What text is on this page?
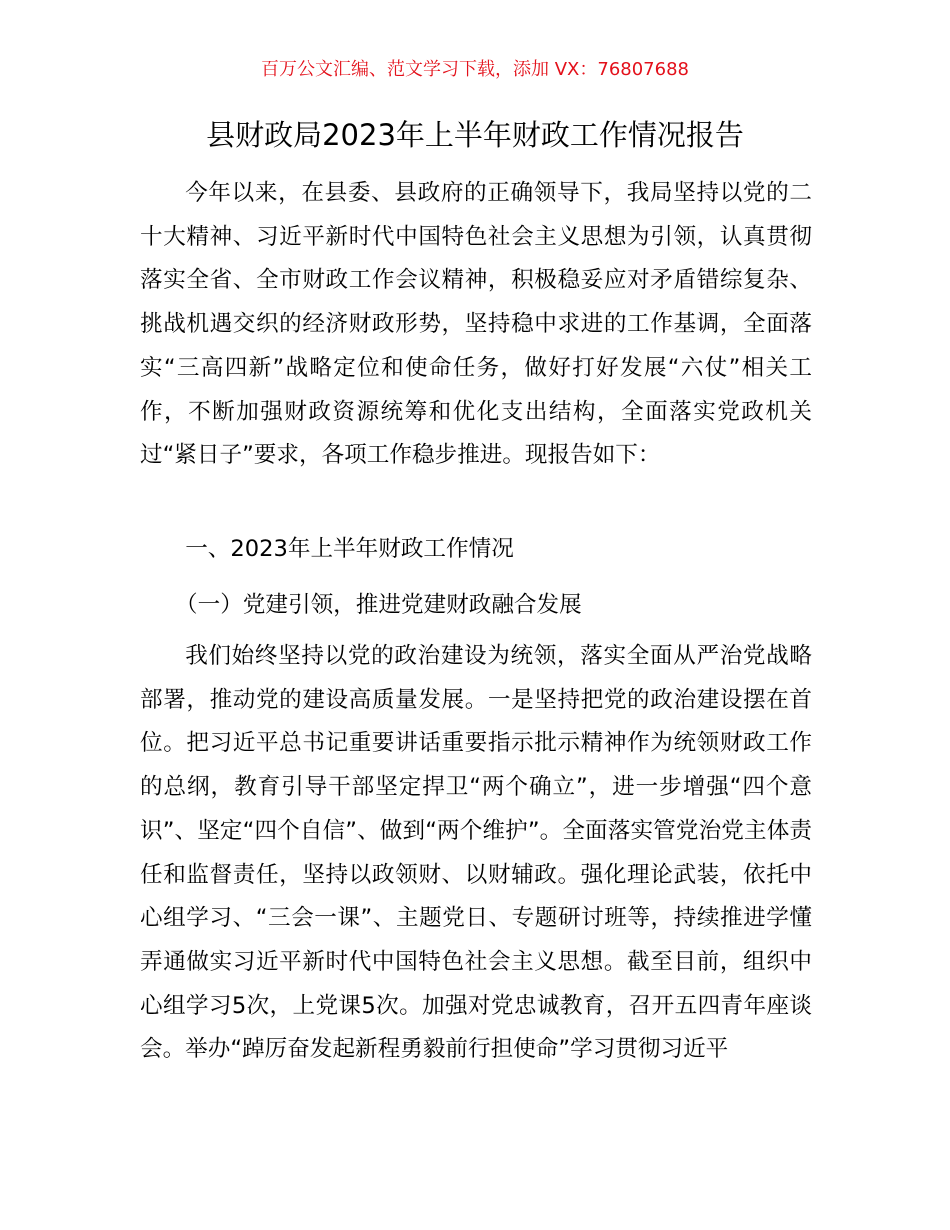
百万公文汇编、范文学习下载，添加 VX：76807688
县财政局2023年上半年财政工作情况报告

今年以来，在县委、县政府的正确领导下，我局坚持以党的二十大精神、习近平新时代中国特色社会主义思想为引领，认真贯彻落实全省、全市财政工作会议精神，积极稳妥应对矛盾错综复杂、挑战机遇交织的经济财政形势，坚持稳中求进的工作基调，全面落实“三高四新”战略定位和使命任务，做好打好发展“六仗”相关工作，不断加强财政资源统筹和优化支出结构，全面落实党政机关过“紧日子”要求，各项工作稳步推进。现报告如下：

一、2023年上半年财政工作情况

（一）党建引领，推进党建财政融合发展

我们始终坚持以党的政治建设为统领，落实全面从严治党战略部署，推动党的建设高质量发展。一是坚持把党的政治建设摆在首位。把习近平总书记重要讲话重要指示批示精神作为统领财政工作的总纲，教育引导干部坚定捍卫“两个确立”，进一步增强“四个意识”、坚定“四个自信”、做到“两个维护”。全面落实管党治党主体责任和监督责任，坚持以政领财、以财辅政。强化理论武装，依托中心组学习、“三会一课”、主题党日、专题研讨班等，持续推进学懂弄通做实习近平新时代中国特色社会主义思想。截至目前，组织中心组学习5次，上党课5次。加强对党忠诚教育，召开五四青年座谈会。举办“踔厉奋发起新程勇毅前行担使命”学习贯彻习近平
